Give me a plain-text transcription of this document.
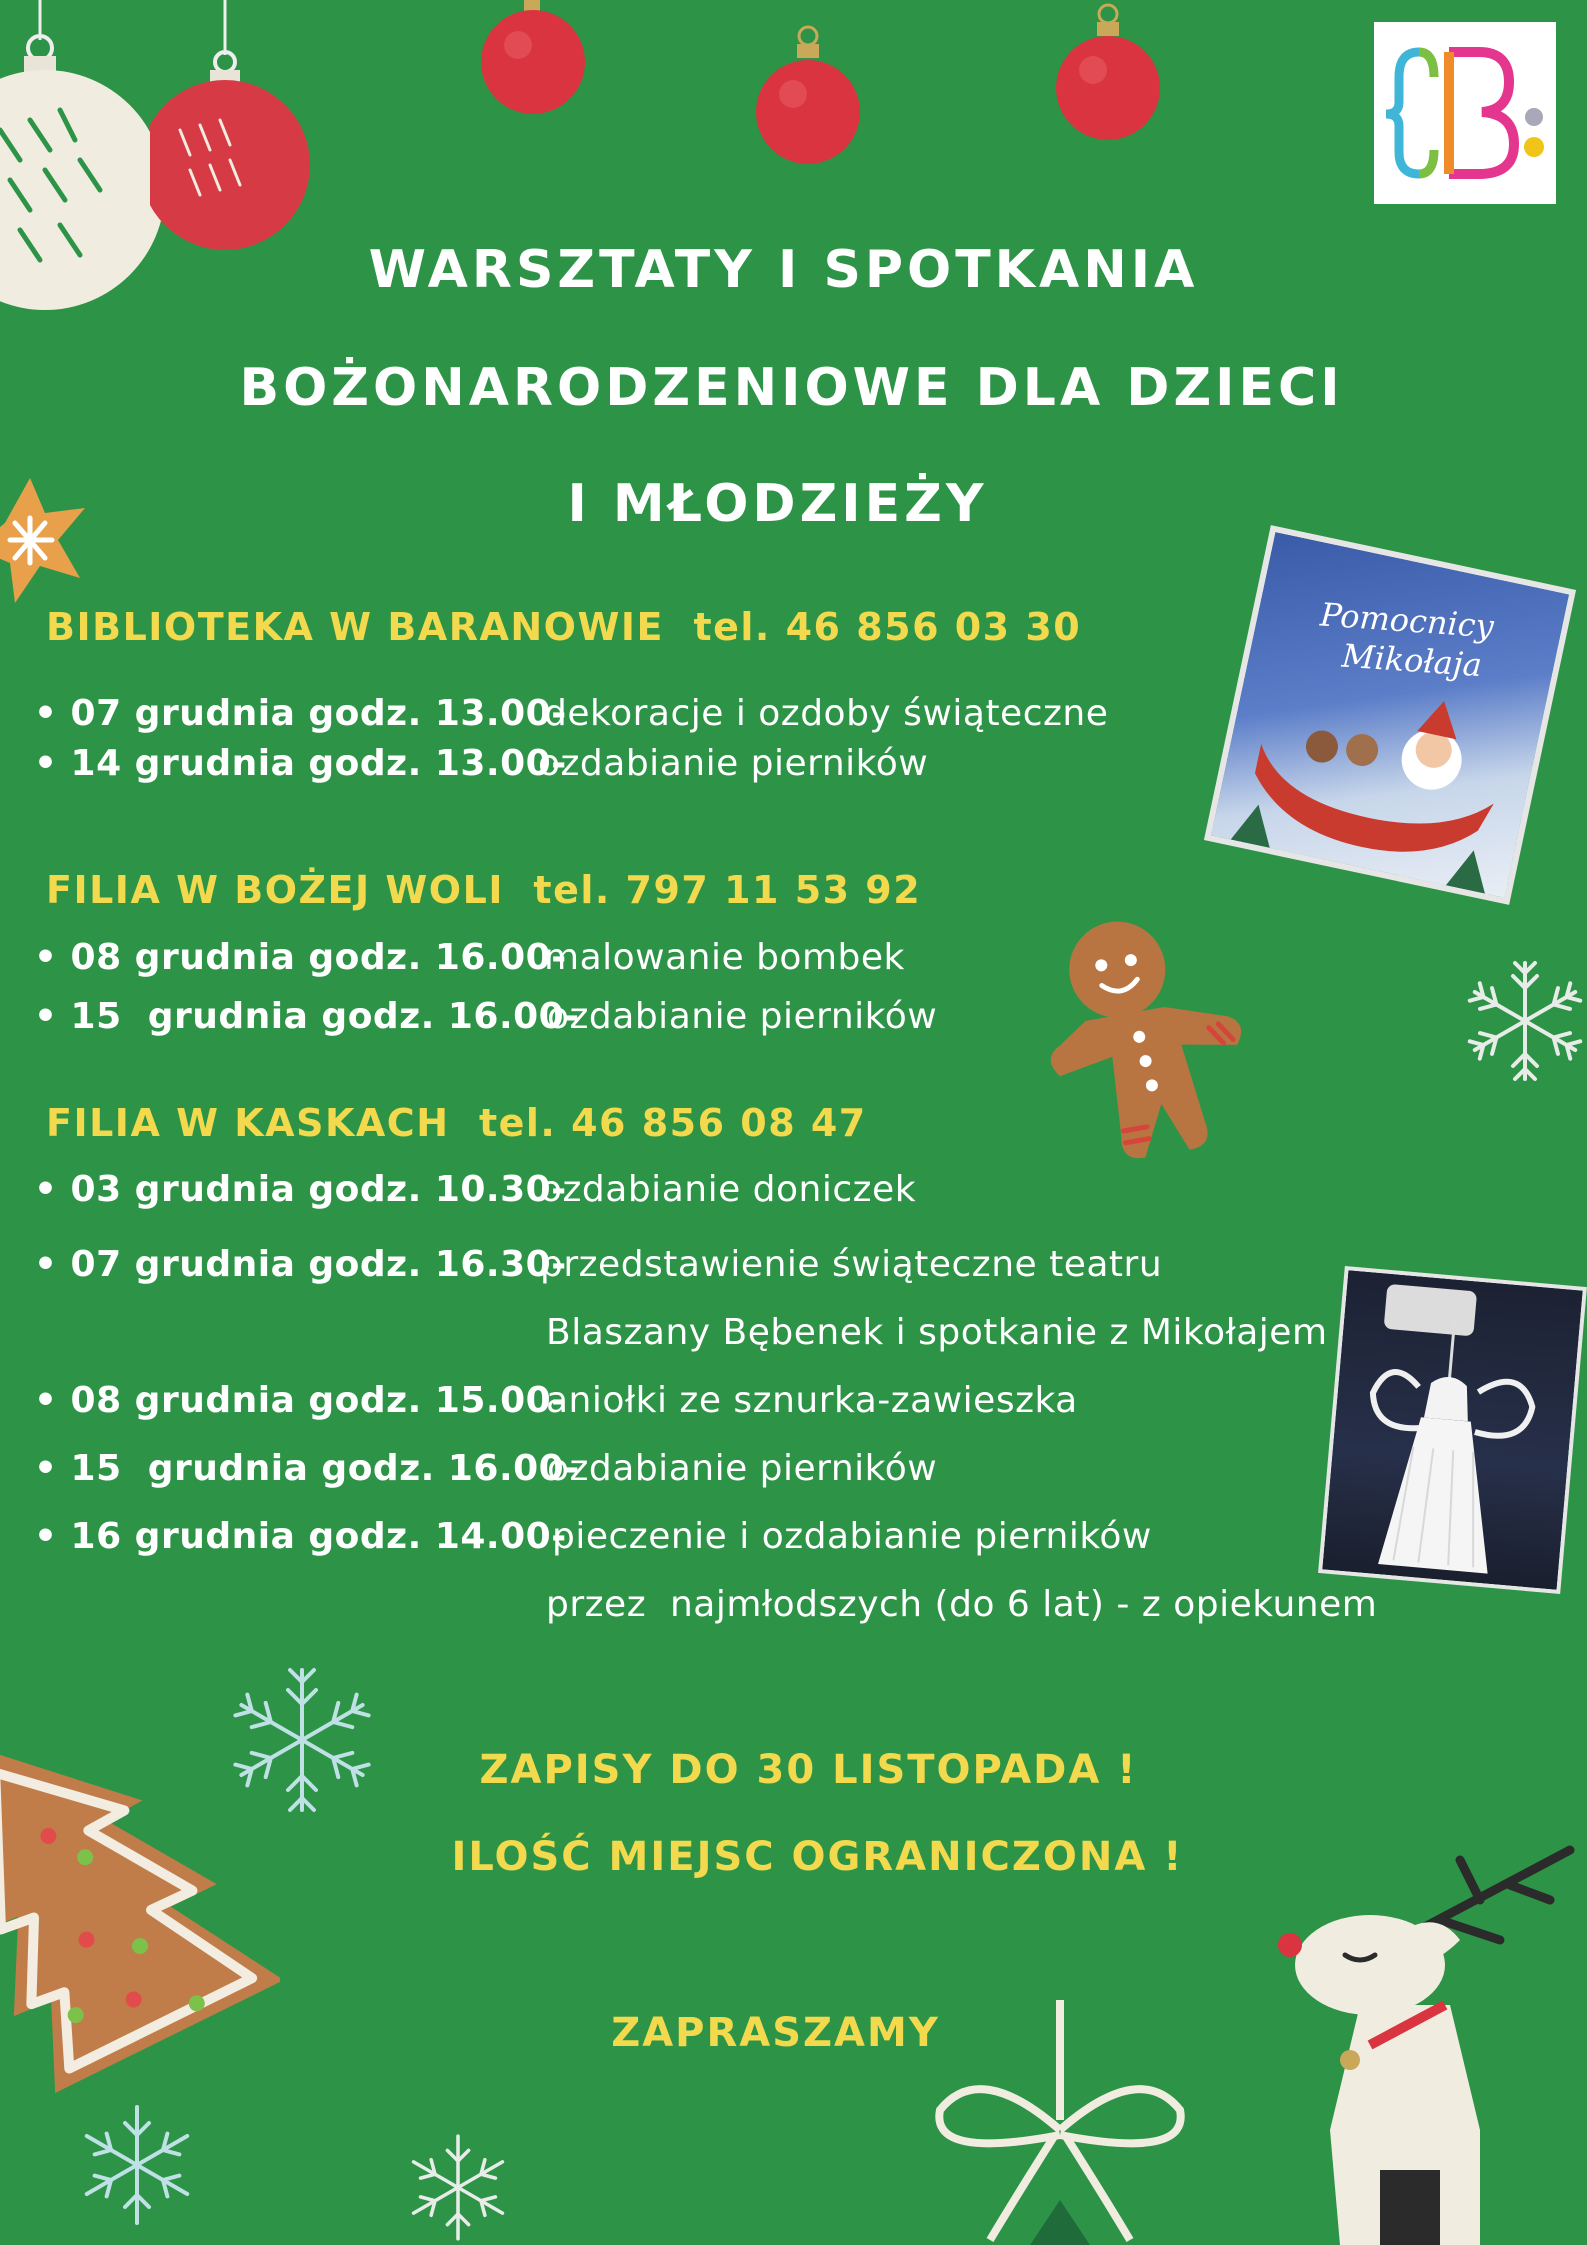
WARSZTATY I SPOTKANIA
BOŻONARODZENIOWE DLA DZIECI
I MŁODZIEŻY
Pomocnicy
Mikołaja
BIBLIOTEKA W BARANOWIE  tel. 46 856 03 30
• 07 grudnia godz. 13.00-
dekoracje i ozdoby świąteczne
• 14 grudnia godz. 13.00-
ozdabianie pierników
FILIA W BOŻEJ WOLI  tel. 797 11 53 92
• 08 grudnia godz. 16.00-
malowanie bombek
• 15  grudnia godz. 16.00-
ozdabianie pierników
FILIA W KASKACH  tel. 46 856 08 47
• 03 grudnia godz. 10.30-
ozdabianie doniczek
• 07 grudnia godz. 16.30-
przedstawienie świąteczne teatru
Blaszany Bębenek i spotkanie z Mikołajem
• 08 grudnia godz. 15.00-
aniołki ze sznurka-zawieszka
• 15  grudnia godz. 16.00-
ozdabianie pierników
• 16 grudnia godz. 14.00-
pieczenie i ozdabianie pierników
przez  najmłodszych (do 6 lat) - z opiekunem
ZAPISY DO 30 LISTOPADA !
ILOŚĆ MIEJSC OGRANICZONA !
ZAPRASZAMY
